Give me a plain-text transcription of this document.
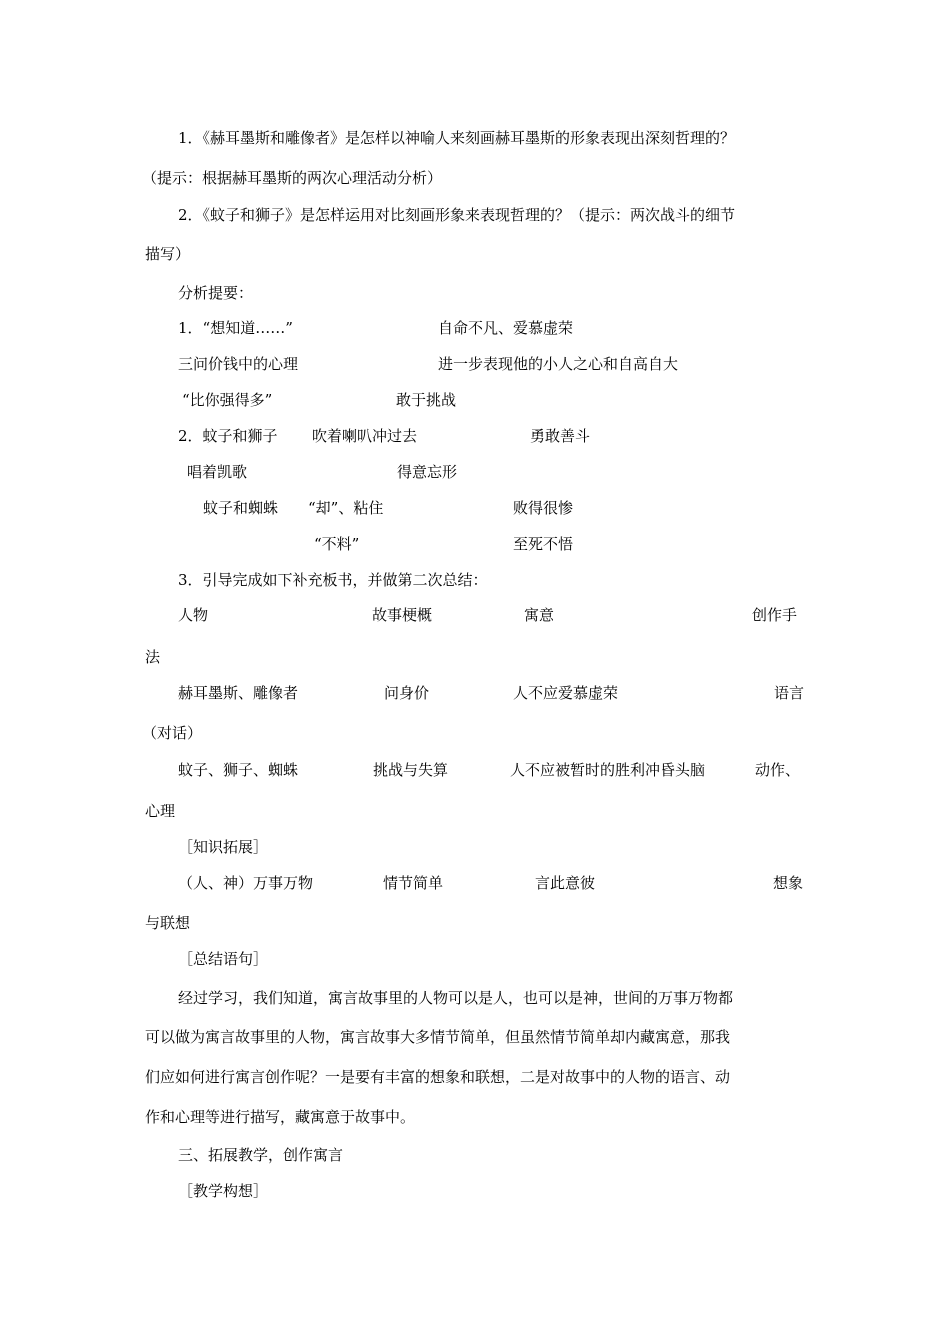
1．《赫耳墨斯和雕像者》是怎样以神喻人来刻画赫耳墨斯的形象表现出深刻哲理的？
（提示：根据赫耳墨斯的两次心理活动分析）
2．《蚊子和狮子》是怎样运用对比刻画形象来表现哲理的？（提示：两次战斗的细节
描写）
分析提要：
1．“想知道……”	自命不凡、爱慕虚荣
三问价钱中的心理	进一步表现他的小人之心和自高自大
“比你强得多”	敢于挑战
2．蚊子和狮子 吹着喇叭冲过去	勇敢善斗
唱着凯歌	得意忘形
蚊子和蜘蛛 “却”、粘住	败得很惨
“不料”	至死不悟
3．引导完成如下补充板书，并做第二次总结：
人物	故事梗概	寓意	创作手
法
赫耳墨斯、雕像者	问身价	人不应爱慕虚荣	语言
（对话）
蚊子、狮子、蜘蛛	挑战与失算	人不应被暂时的胜利冲昏头脑	动作、
心理
［知识拓展］
（人、神）万事万物	情节简单	言此意彼	想象
与联想
［总结语句］
经过学习，我们知道，寓言故事里的人物可以是人，也可以是神，世间的万事万物都
可以做为寓言故事里的人物，寓言故事大多情节简单，但虽然情节简单却内藏寓意，那我
们应如何进行寓言创作呢？一是要有丰富的想象和联想，二是对故事中的人物的语言、动
作和心理等进行描写，藏寓意于故事中。
三、拓展教学，创作寓言
［教学构想］
